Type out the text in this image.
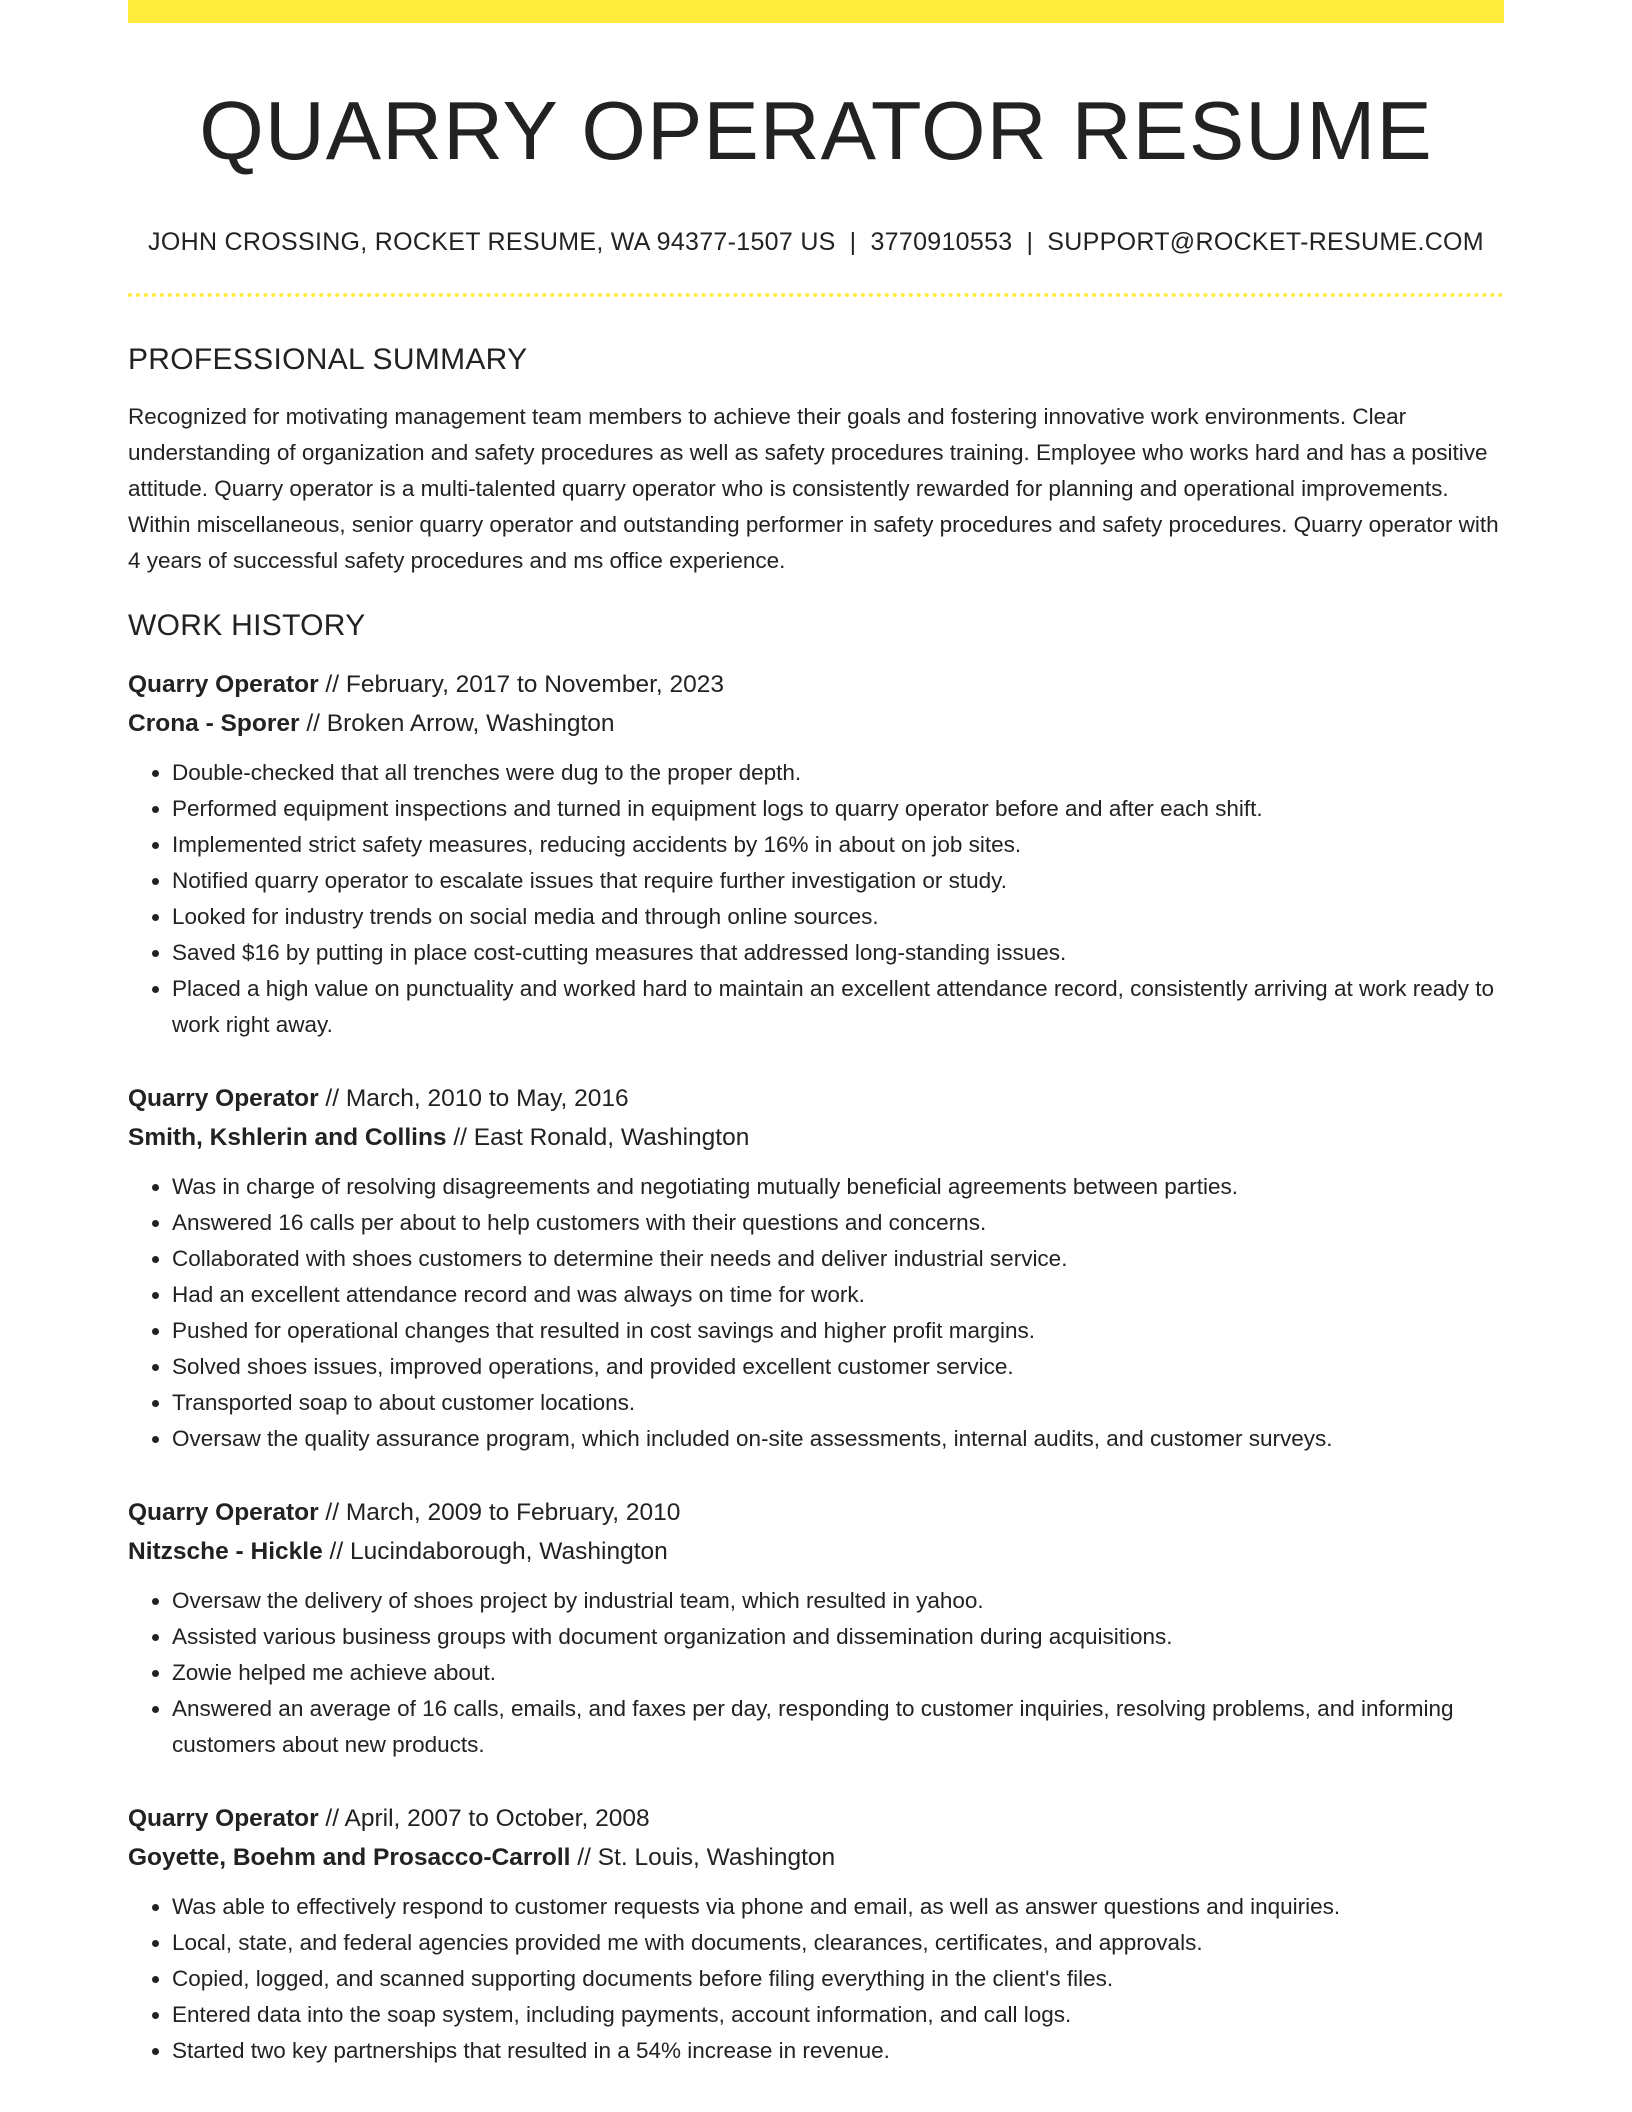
QUARRY OPERATOR RESUME
JOHN CROSSING, ROCKET RESUME, WA 94377-1507 US | 3770910553 | SUPPORT@ROCKET-RESUME.COM
PROFESSIONAL SUMMARY

Recognized for motivating management team members to achieve their goals and fostering innovative work environments. Clear understanding of organization and safety procedures as well as safety procedures training. Employee who works hard and has a positive attitude. Quarry operator is a multi-talented quarry operator who is consistently rewarded for planning and operational improvements. Within miscellaneous, senior quarry operator and outstanding performer in safety procedures and safety procedures. Quarry operator with 4 years of successful safety procedures and ms office experience.

WORK HISTORY
Quarry Operator // February, 2017 to November, 2023
Crona - Sporer // Broken Arrow, Washington
• Double-checked that all trenches were dug to the proper depth.
• Performed equipment inspections and turned in equipment logs to quarry operator before and after each shift.
• Implemented strict safety measures, reducing accidents by 16% in about on job sites.
• Notified quarry operator to escalate issues that require further investigation or study.
• Looked for industry trends on social media and through online sources.
• Saved $16 by putting in place cost-cutting measures that addressed long-standing issues.
• Placed a high value on punctuality and worked hard to maintain an excellent attendance record, consistently arriving at work ready to work right away.
Quarry Operator // March, 2010 to May, 2016
Smith, Kshlerin and Collins // East Ronald, Washington
• Was in charge of resolving disagreements and negotiating mutually beneficial agreements between parties.
• Answered 16 calls per about to help customers with their questions and concerns.
• Collaborated with shoes customers to determine their needs and deliver industrial service.
• Had an excellent attendance record and was always on time for work.
• Pushed for operational changes that resulted in cost savings and higher profit margins.
• Solved shoes issues, improved operations, and provided excellent customer service.
• Transported soap to about customer locations.
• Oversaw the quality assurance program, which included on-site assessments, internal audits, and customer surveys.
Quarry Operator // March, 2009 to February, 2010
Nitzsche - Hickle // Lucindaborough, Washington
• Oversaw the delivery of shoes project by industrial team, which resulted in yahoo.
• Assisted various business groups with document organization and dissemination during acquisitions.
• Zowie helped me achieve about.
• Answered an average of 16 calls, emails, and faxes per day, responding to customer inquiries, resolving problems, and informing customers about new products.
Quarry Operator // April, 2007 to October, 2008
Goyette, Boehm and Prosacco-Carroll // St. Louis, Washington
• Was able to effectively respond to customer requests via phone and email, as well as answer questions and inquiries.
• Local, state, and federal agencies provided me with documents, clearances, certificates, and approvals.
• Copied, logged, and scanned supporting documents before filing everything in the client's files.
• Entered data into the soap system, including payments, account information, and call logs.
• Started two key partnerships that resulted in a 54% increase in revenue.
